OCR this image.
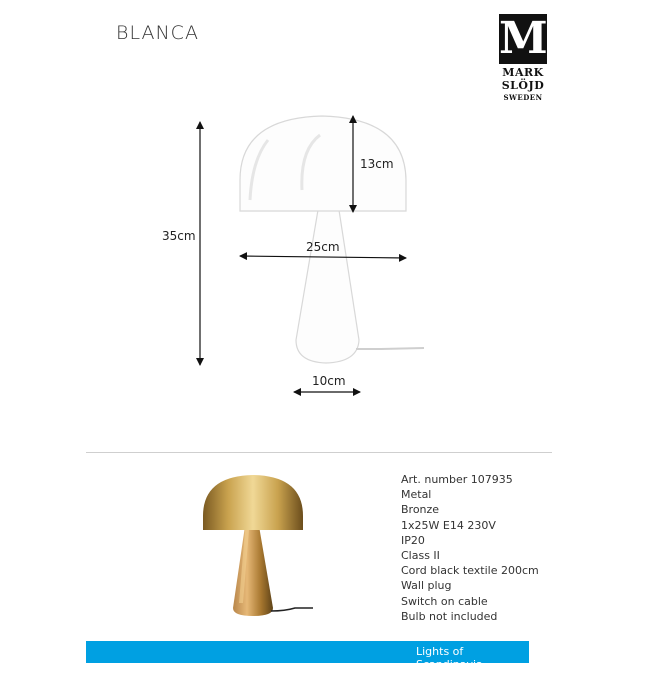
BLANCA	M
MARK
SLÖJD
SWEDEN
35cm
13cm
25cm
10cm
Art. number 107935
Metal
Bronze
1x25W E14 230V
IP20
Class II
Cord black textile 200cm
Wall plug
Switch on cable
Bulb not included
Lights of Scandinavia
